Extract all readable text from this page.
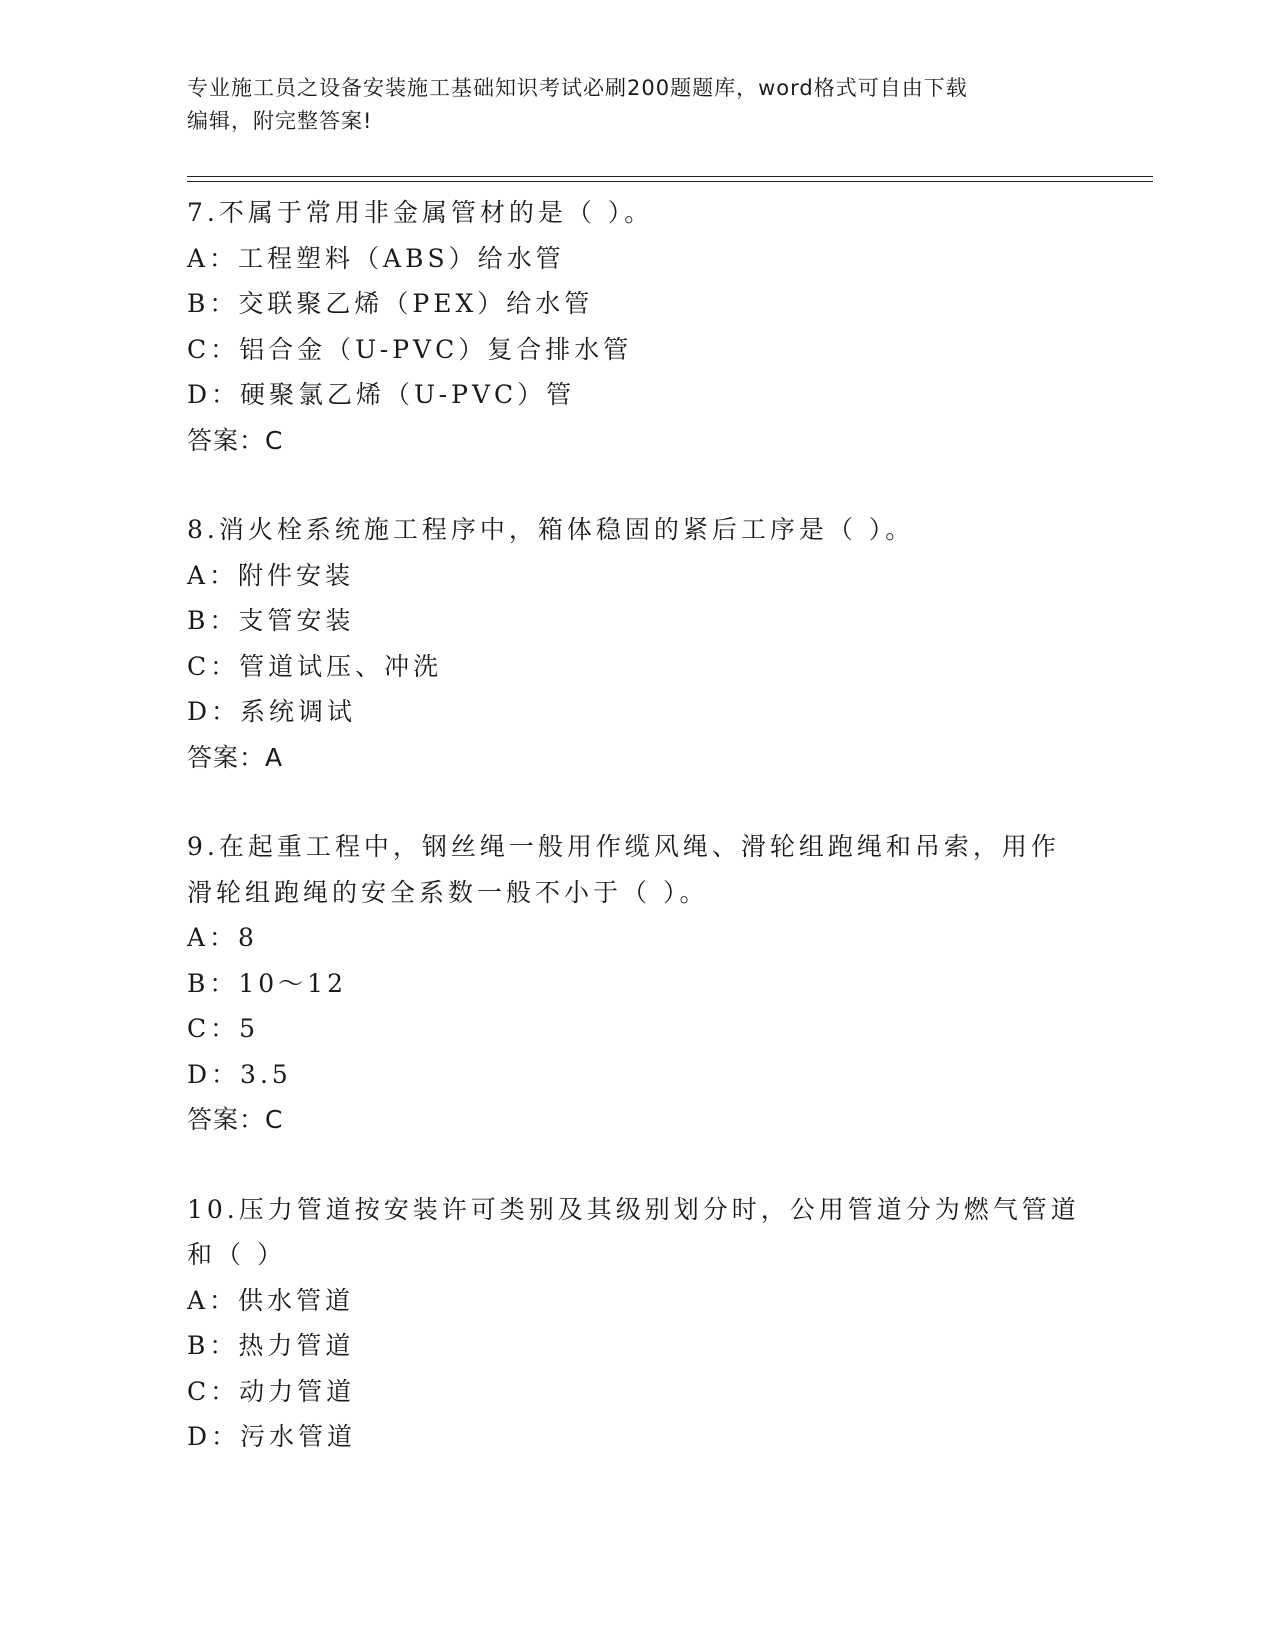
专业施工员之设备安装施工基础知识考试必刷200题题库，word格式可自由下载
编辑，附完整答案!
7.不属于常用非金属管材的是（ ）。
A：工程塑料（ABS）给水管
B：交联聚乙烯（PEX）给水管
C：铝合金（U-PVC）复合排水管
D：硬聚氯乙烯（U-PVC）管
答案：C
8.消火栓系统施工程序中，箱体稳固的紧后工序是（ ）。
A：附件安装
B：支管安装
C：管道试压、冲洗
D：系统调试
答案：A
9.在起重工程中，钢丝绳一般用作缆风绳、滑轮组跑绳和吊索，用作
滑轮组跑绳的安全系数一般不小于（ ）。
A：8
B：10～12
C：5
D：3.5
答案：C
10.压力管道按安装许可类别及其级别划分时，公用管道分为燃气管道
和（ ）
A：供水管道
B：热力管道
C：动力管道
D：污水管道
